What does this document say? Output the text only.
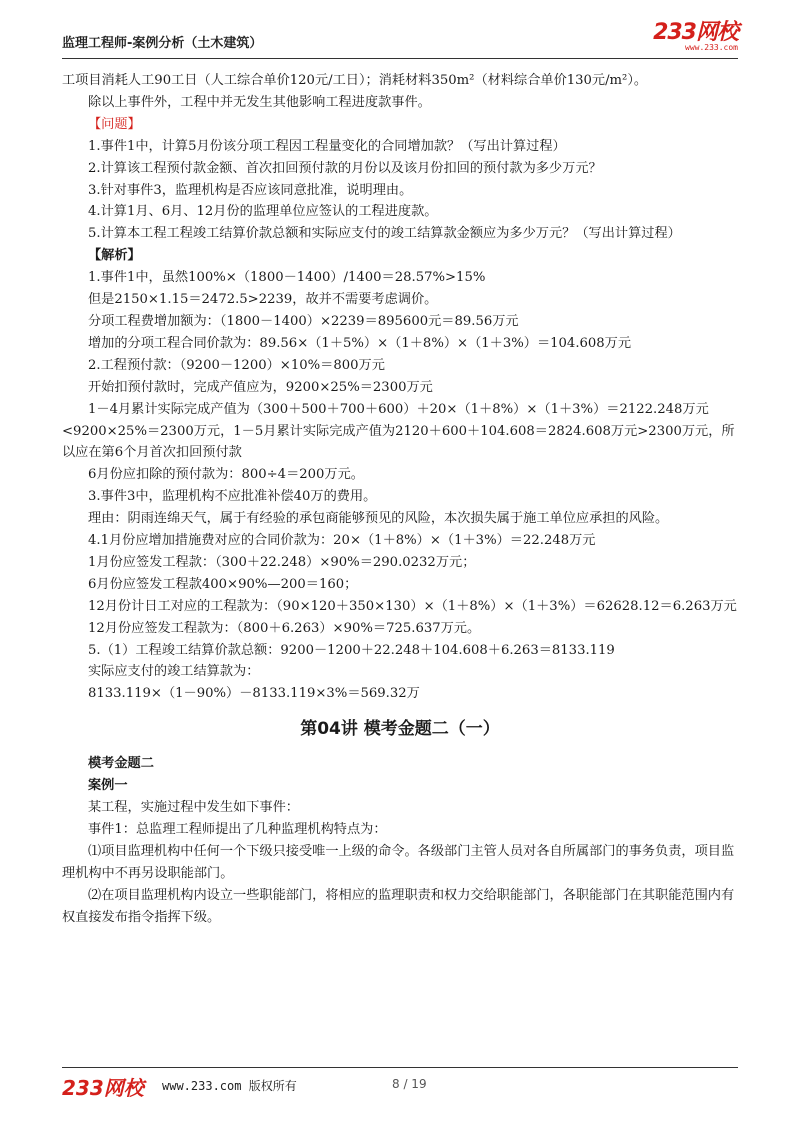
监理工程师-案例分析（土木建筑）	233网校
www.233.com

工项目消耗人工90工日（人工综合单价120元/工日）；消耗材料350m²（材料综合单价130元/m²）。

除以上事件外，工程中并无发生其他影响工程进度款事件。

【问题】

1.事件1中，计算5月份该分项工程因工程量变化的合同增加款？（写出计算过程）

2.计算该工程预付款金额、首次扣回预付款的月份以及该月份扣回的预付款为多少万元？

3.针对事件3，监理机构是否应该同意批准，说明理由。

4.计算1月、6月、12月份的监理单位应签认的工程进度款。

5.计算本工程工程竣工结算价款总额和实际应支付的竣工结算款金额应为多少万元？（写出计算过程）

【解析】

1.事件1中，虽然100%×（1800－1400）/1400＝28.57%>15%

但是2150×1.15＝2472.5>2239，故并不需要考虑调价。

分项工程费增加额为：（1800－1400）×2239＝895600元＝89.56万元

增加的分项工程合同价款为：89.56×（1＋5%）×（1＋8%）×（1＋3%）＝104.608万元

2.工程预付款：（9200－1200）×10%＝800万元

开始扣预付款时，完成产值应为，9200×25%＝2300万元

1－4月累计实际完成产值为（300＋500＋700＋600）＋20×（1＋8%）×（1＋3%）＝2122.248万元<9200×25%＝2300万元，1－5月累计实际完成产值为2120＋600＋104.608＝2824.608万元>2300万元，所以应在第6个月首次扣回预付款

6月份应扣除的预付款为：800÷4＝200万元。

3.事件3中，监理机构不应批准补偿40万的费用。

理由：阴雨连绵天气，属于有经验的承包商能够预见的风险，本次损失属于施工单位应承担的风险。

4.1月份应增加措施费对应的合同价款为：20×（1＋8%）×（1＋3%）＝22.248万元

1月份应签发工程款：（300＋22.248）×90%＝290.0232万元；

6月份应签发工程款400×90%—200＝160；

12月份计日工对应的工程款为：（90×120＋350×130）×（1＋8%）×（1＋3%）＝62628.12＝6.263万元

12月份应签发工程款为：（800＋6.263）×90%＝725.637万元。

5.（1）工程竣工结算价款总额：9200－1200＋22.248＋104.608＋6.263＝8133.119

实际应支付的竣工结算款为：

8133.119×（1－90%）－8133.119×3%＝569.32万

第04讲 模考金题二（一）

模考金题二

案例一

某工程，实施过程中发生如下事件：

事件1：总监理工程师提出了几种监理机构特点为：

⑴项目监理机构中任何一个下级只接受唯一上级的命令。各级部门主管人员对各自所属部门的事务负责，项目监理机构中不再另设职能部门。

⑵在项目监理机构内设立一些职能部门，将相应的监理职责和权力交给职能部门，各职能部门在其职能范围内有权直接发布指令指挥下级。

233网校 www.233.com 版权所有	8 / 19
